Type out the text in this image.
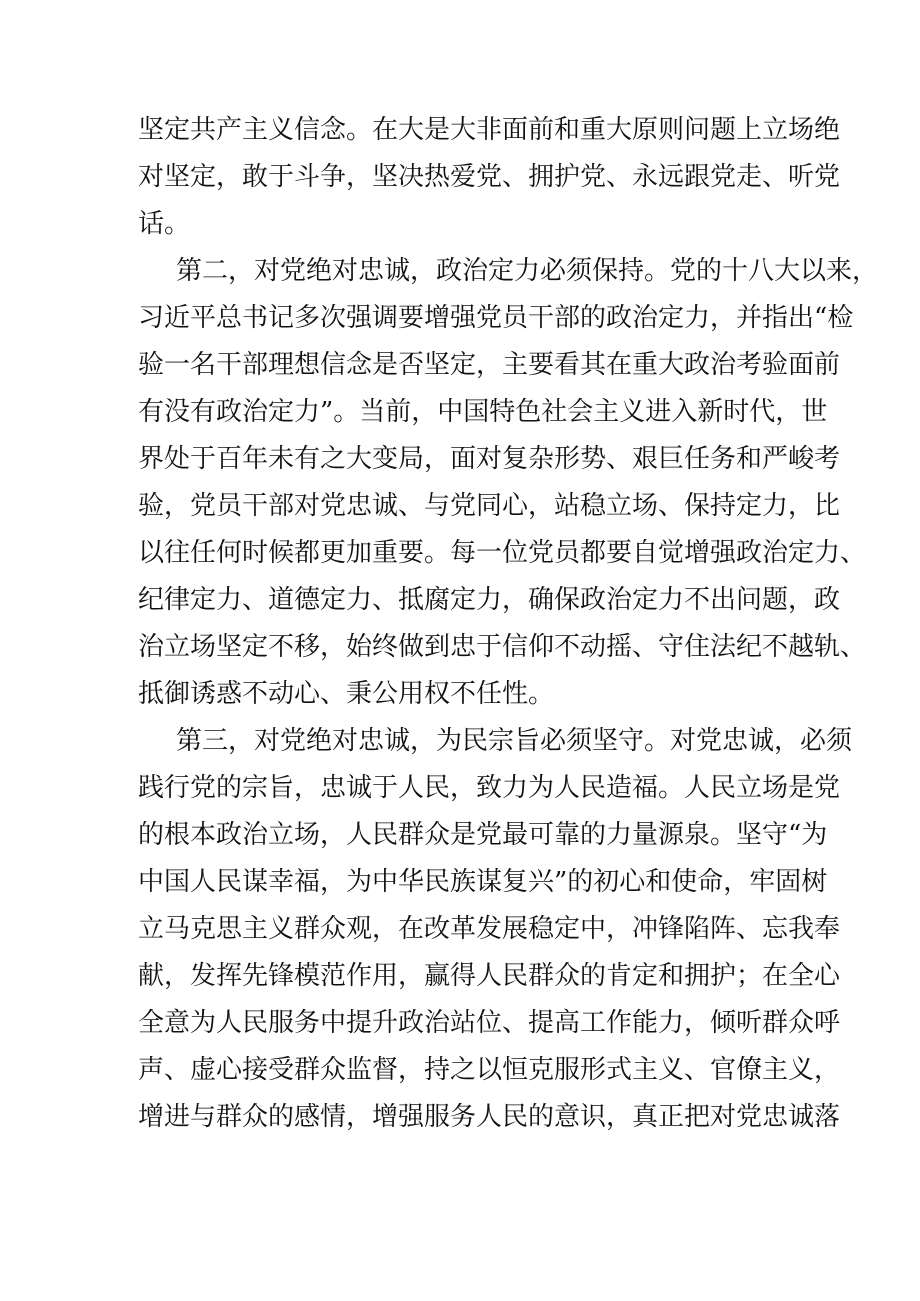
坚定共产主义信念。在大是大非面前和重大原则问题上立场绝
对坚定，敢于斗争，坚决热爱党、拥护党、永远跟党走、听党
话。
第二，对党绝对忠诚，政治定力必须保持。党的十八大以来，
习近平总书记多次强调要增强党员干部的政治定力，并指出“检
验一名干部理想信念是否坚定，主要看其在重大政治考验面前
有没有政治定力”。当前，中国特色社会主义进入新时代，世
界处于百年未有之大变局，面对复杂形势、艰巨任务和严峻考
验，党员干部对党忠诚、与党同心，站稳立场、保持定力，比
以往任何时候都更加重要。每一位党员都要自觉增强政治定力、
纪律定力、道德定力、抵腐定力，确保政治定力不出问题，政
治立场坚定不移，始终做到忠于信仰不动摇、守住法纪不越轨、
抵御诱惑不动心、秉公用权不任性。
第三，对党绝对忠诚，为民宗旨必须坚守。对党忠诚，必须
践行党的宗旨，忠诚于人民，致力为人民造福。人民立场是党
的根本政治立场，人民群众是党最可靠的力量源泉。坚守“为
中国人民谋幸福，为中华民族谋复兴”的初心和使命，牢固树
立马克思主义群众观，在改革发展稳定中，冲锋陷阵、忘我奉
献，发挥先锋模范作用，赢得人民群众的肯定和拥护；在全心
全意为人民服务中提升政治站位、提高工作能力，倾听群众呼
声、虚心接受群众监督，持之以恒克服形式主义、官僚主义，
增进与群众的感情，增强服务人民的意识，真正把对党忠诚落
